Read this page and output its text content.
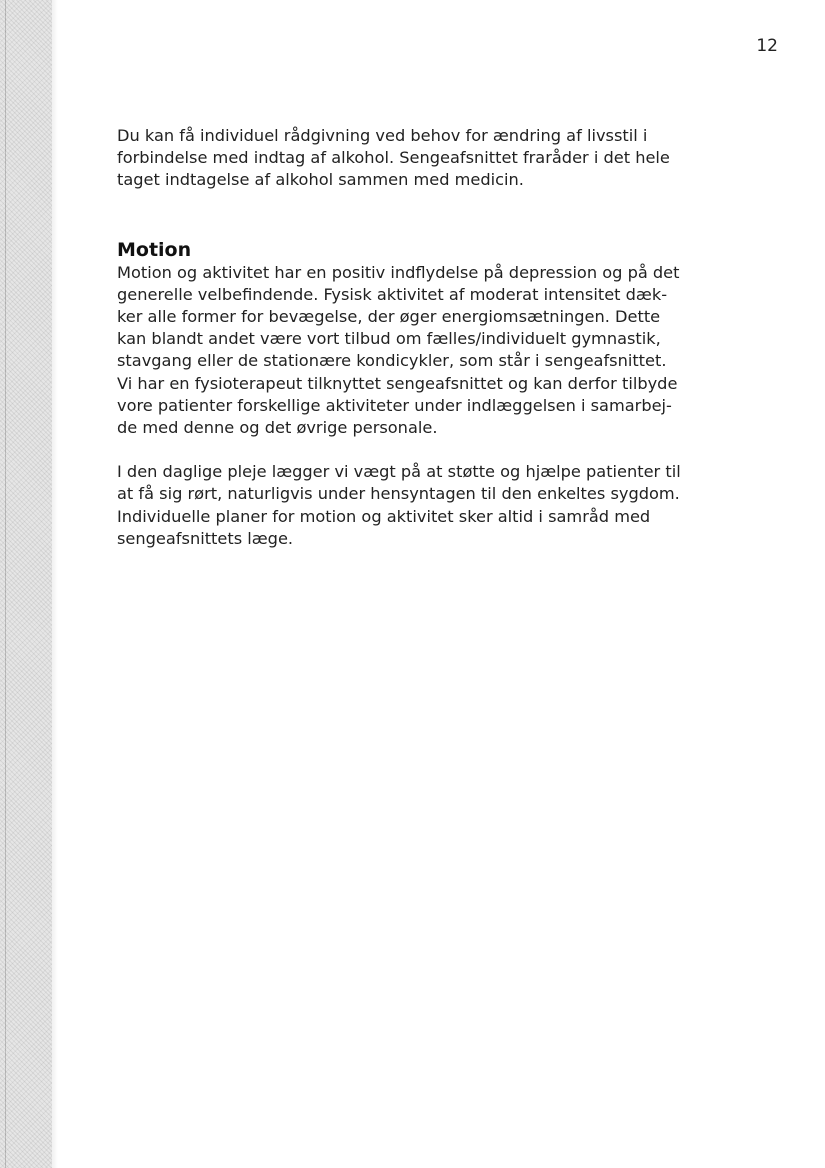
12

Du kan få individuel rådgivning ved behov for ændring af livsstil i
forbindelse med indtag af alkohol. Sengeafsnittet fraråder i det hele
taget indtagelse af alkohol sammen med medicin.

Motion

Motion og aktivitet har en positiv indflydelse på depression og på det
generelle velbefindende. Fysisk aktivitet af moderat intensitet dæk-
ker alle former for bevægelse, der øger energiomsætningen. Dette
kan blandt andet være vort tilbud om fælles/individuelt gymnastik,
stavgang eller de stationære kondicykler, som står i sengeafsnittet.
Vi har en fysioterapeut tilknyttet sengeafsnittet og kan derfor tilbyde
vore patienter forskellige aktiviteter under indlæggelsen i samarbej-
de med denne og det øvrige personale.

I den daglige pleje lægger vi vægt på at støtte og hjælpe patienter til
at få sig rørt, naturligvis under hensyntagen til den enkeltes sygdom.
Individuelle planer for motion og aktivitet sker altid i samråd med
sengeafsnittets læge.
